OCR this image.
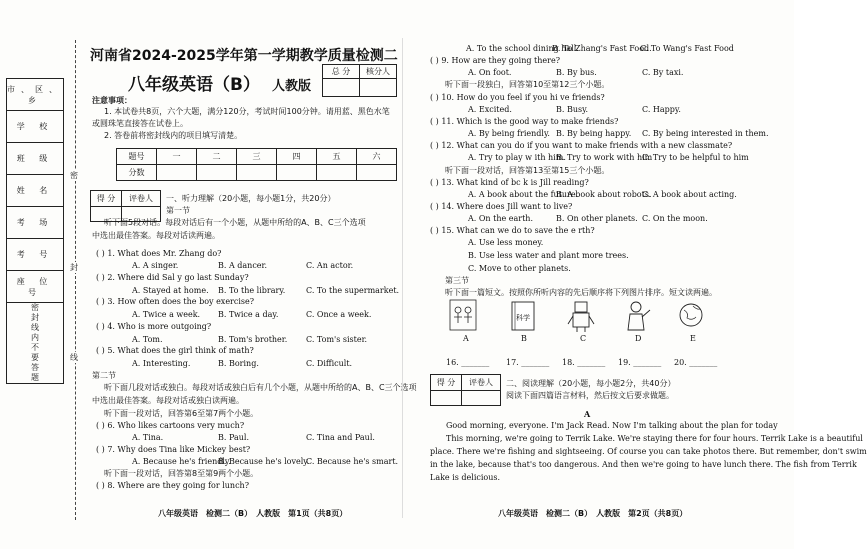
市、区、乡
学 校
班 级
姓 名
考 场
考 号
座 位 号
密封线内不要答题
密
封
线
河南省2024-2025学年第一学期教学质量检测二
八年级英语（B） 人教版
总 分	核分人

注意事项：
1. 本试卷共8页，六个大题，满分120分，考试时间100分钟。请用蓝、黑色水笔
或圆珠笔直接答在试卷上。
2. 答卷前将密封线内的项目填写清楚。
题号	一	二	三	四	五	六
分数						
得 分	评卷人
	一、听力理解（20小题，每小题1分，共20分）
第一节
听下面5段对话。每段对话后有一个小题，从题中所给的A、B、C三个选项
中选出最佳答案。每段对话读两遍。
( ) 1. What does Mr. Zhang do?
A. A singer.	B. A dancer.	C. An actor.
( ) 2. Where did Sal y go last Sunday?
A. Stayed at home. B. To the library.	C. To the supermarket.
( ) 3. How often does the boy exercise?
A. Twice a week. B. Twice a day.	C. Once a week.
( ) 4. Who is more outgoing?
A. Tom.	B. Tom's brother. C. Tom's sister.
( ) 5. What does the girl think of math?
A. Interesting.	B. Boring.	C. Difficult.
第二节
听下面几段对话或独白。每段对话或独白后有几个小题，从题中所给的A、B、C三个选项
中选出最佳答案。每段对话或独白读两遍。
听下面一段对话，回答第6至第7两个小题。
( ) 6. Who likes cartoons very much?
A. Tina.	B. Paul.	C. Tina and Paul.
( ) 7. Why does Tina like Mickey best?
A. Because he's friendly.
B. Because he's lovely.
C. Because he's smart.
听下面一段对话，回答第8至第9两个小题。
( ) 8. Where are they going for lunch?
八年级英语　检测二（B）　人教版　第1页（共8页）
A. To the school dining hall.
B. To Zhang's Fast Food.
C. To Wang's Fast Food
( ) 9. How are they going there?
A. On foot.	B. By bus.	C. By taxi.
听下面一段独白，回答第10至第12三个小题。
( ) 10. How do you feel if you hi ve friends?
A. Excited.	B. Busy.	C. Happy.
( ) 11. Which is the good way to make friends?
A. By being friendly. B. By being happy. C. By being interested in them.
( ) 12. What can you do if you want to make friends with a new classmate?
A. Try to play w ith him.
B. Try to work with him
C. Try to be helpful to him
听下面一段对话，回答第13至第15三个小题。
( ) 13. What kind of bc k is Jill reading?
A. A book about the future.
B. A book about robots.
C. A book about acting.
( ) 14. Where does Jill want to live?
A. On the earth.	B. On other planets. C. On the moon.
( ) 15. What can we do to save the e rth?
A. Use less money.
B. Use less water and plant more trees.
C. Move to other planets.
第三节
听下面一篇短文。按照你所听内容的先后顺序将下列图片排序。短文读两遍。
A
科学
B	C	D	E
16. _______ 17. _______ 18. _______ 19. _______ 20. _______
得 分	评卷人
	二、阅读理解（20小题，每小题2分，共40分）
阅读下面四篇语言材料，然后按文后要求做题。
A
Good morning, everyone. I'm Jack Read. Now I'm talking about the plan for today
This morning, we're going to Terrik Lake. We're staying there for four hours. Terrik Lake is a beautiful
place. There we're fishing and sightseeing. Of course you can take photos there. But remember, don't swim
in the lake, because that's too dangerous. And then we're going to have lunch there. The fish from Terrik
Lake is delicious.
八年级英语　检测二（B）　人教版　第2页（共8页）
